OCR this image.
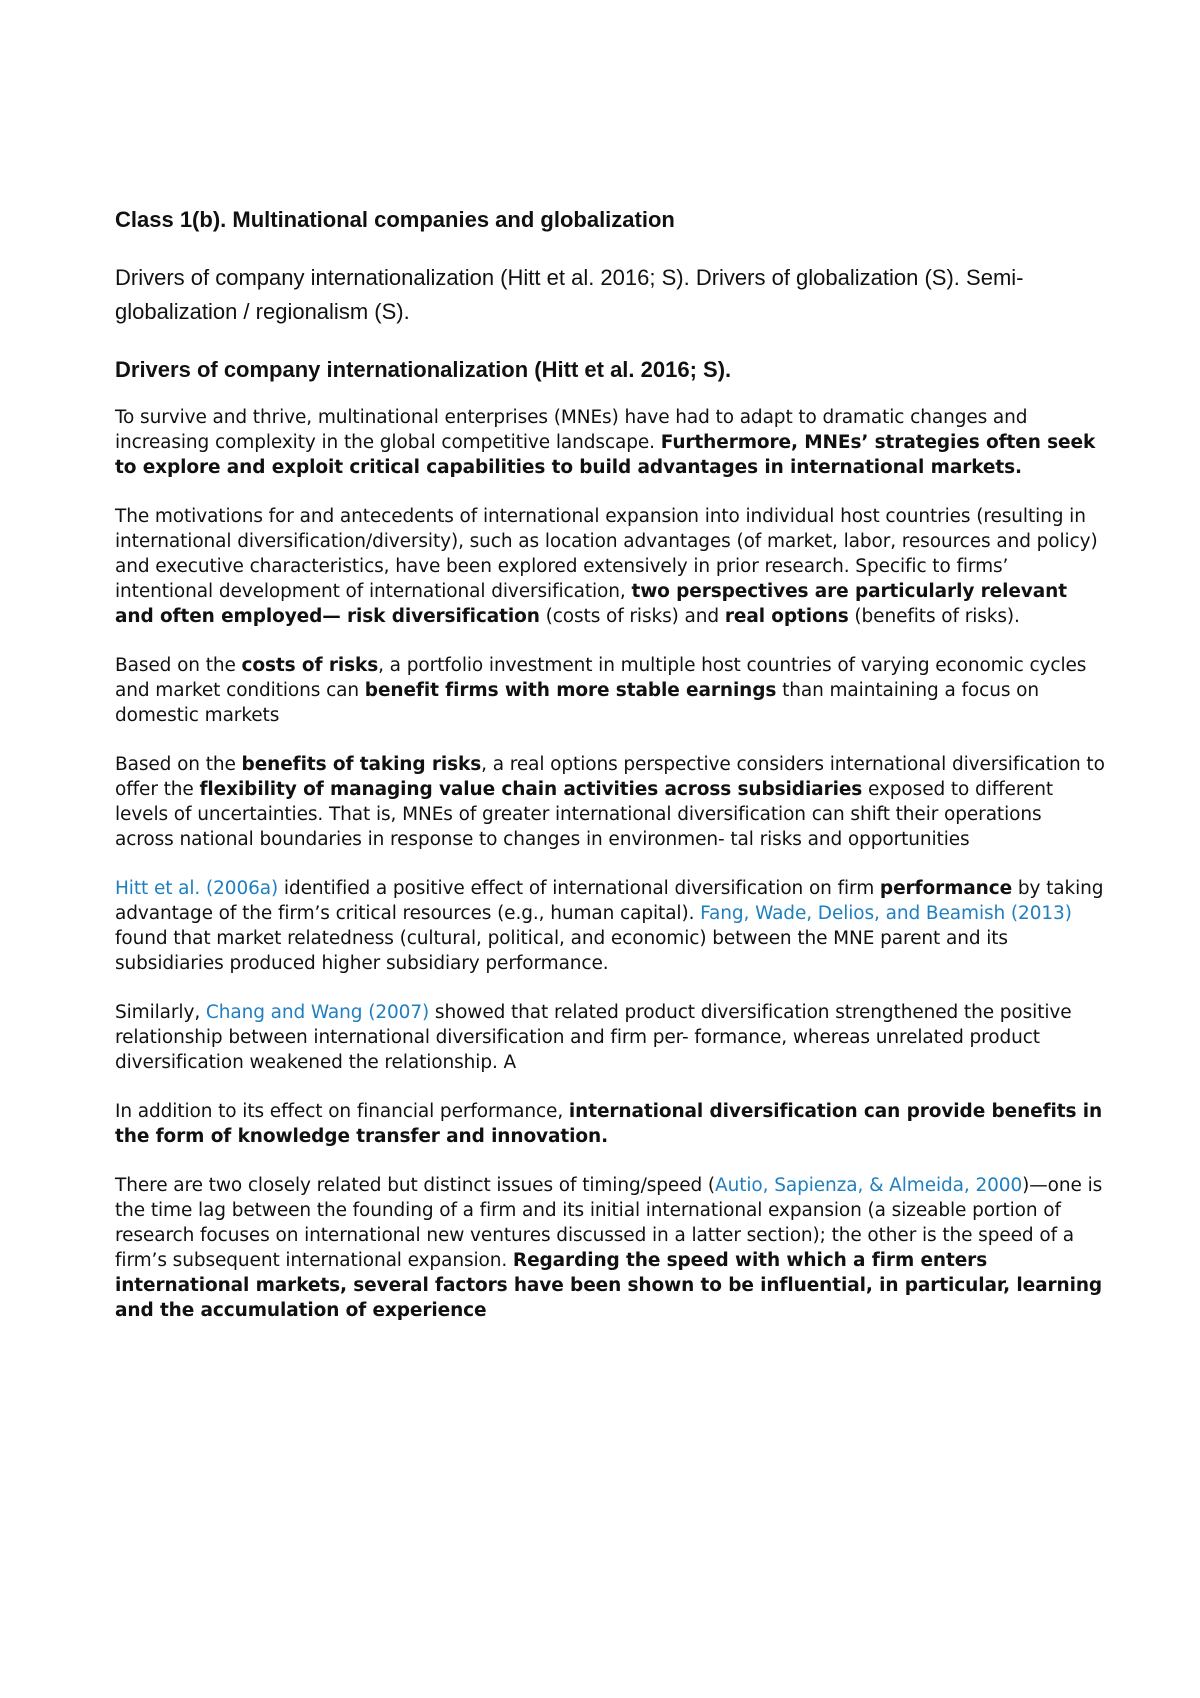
Class 1(b). Multinational companies and globalization
Drivers of company internationalization (Hitt et al. 2016; S). Drivers of globalization (S). Semi-globalization / regionalism (S).
Drivers of company internationalization (Hitt et al. 2016; S).

To survive and thrive, multinational enterprises (MNEs) have had to adapt to dramatic changes and increasing complexity in the global competitive landscape. Furthermore, MNEs’ strategies often seek to explore and exploit critical capabilities to build advantages in international markets.

The motivations for and antecedents of international expansion into individual host countries (resulting in international diversification/diversity), such as location advantages (of market, labor, resources and policy) and executive characteristics, have been explored extensively in prior research. Specific to firms’ intentional development of international diversification, two perspectives are particularly relevant and often employed— risk diversification (costs of risks) and real options (benefits of risks).

Based on the costs of risks, a portfolio investment in multiple host countries of varying economic cycles and market conditions can benefit firms with more stable earnings than maintaining a focus on domestic markets

Based on the benefits of taking risks, a real options perspective considers international diversification to offer the flexibility of managing value chain activities across subsidiaries exposed to different levels of uncertainties. That is, MNEs of greater international diversification can shift their operations across national boundaries in response to changes in environmen- tal risks and opportunities

Hitt et al. (2006a) identified a positive effect of international diversification on firm performance by taking advantage of the firm’s critical resources (e.g., human capital). Fang, Wade, Delios, and Beamish (2013) found that market relatedness (cultural, political, and economic) between the MNE parent and its subsidiaries produced higher subsidiary performance.

Similarly, Chang and Wang (2007) showed that related product diversification strengthened the positive relationship between international diversification and firm per- formance, whereas unrelated product diversification weakened the relationship. A

In addition to its effect on financial performance, international diversification can provide benefits in the form of knowledge transfer and innovation.

There are two closely related but distinct issues of timing/speed (Autio, Sapienza, & Almeida, 2000)—one is the time lag between the founding of a firm and its initial international expansion (a sizeable portion of research focuses on international new ventures discussed in a latter section); the other is the speed of a firm’s subsequent international expansion. Regarding the speed with which a firm enters international markets, several factors have been shown to be influential, in particular, learning and the accumulation of experience
